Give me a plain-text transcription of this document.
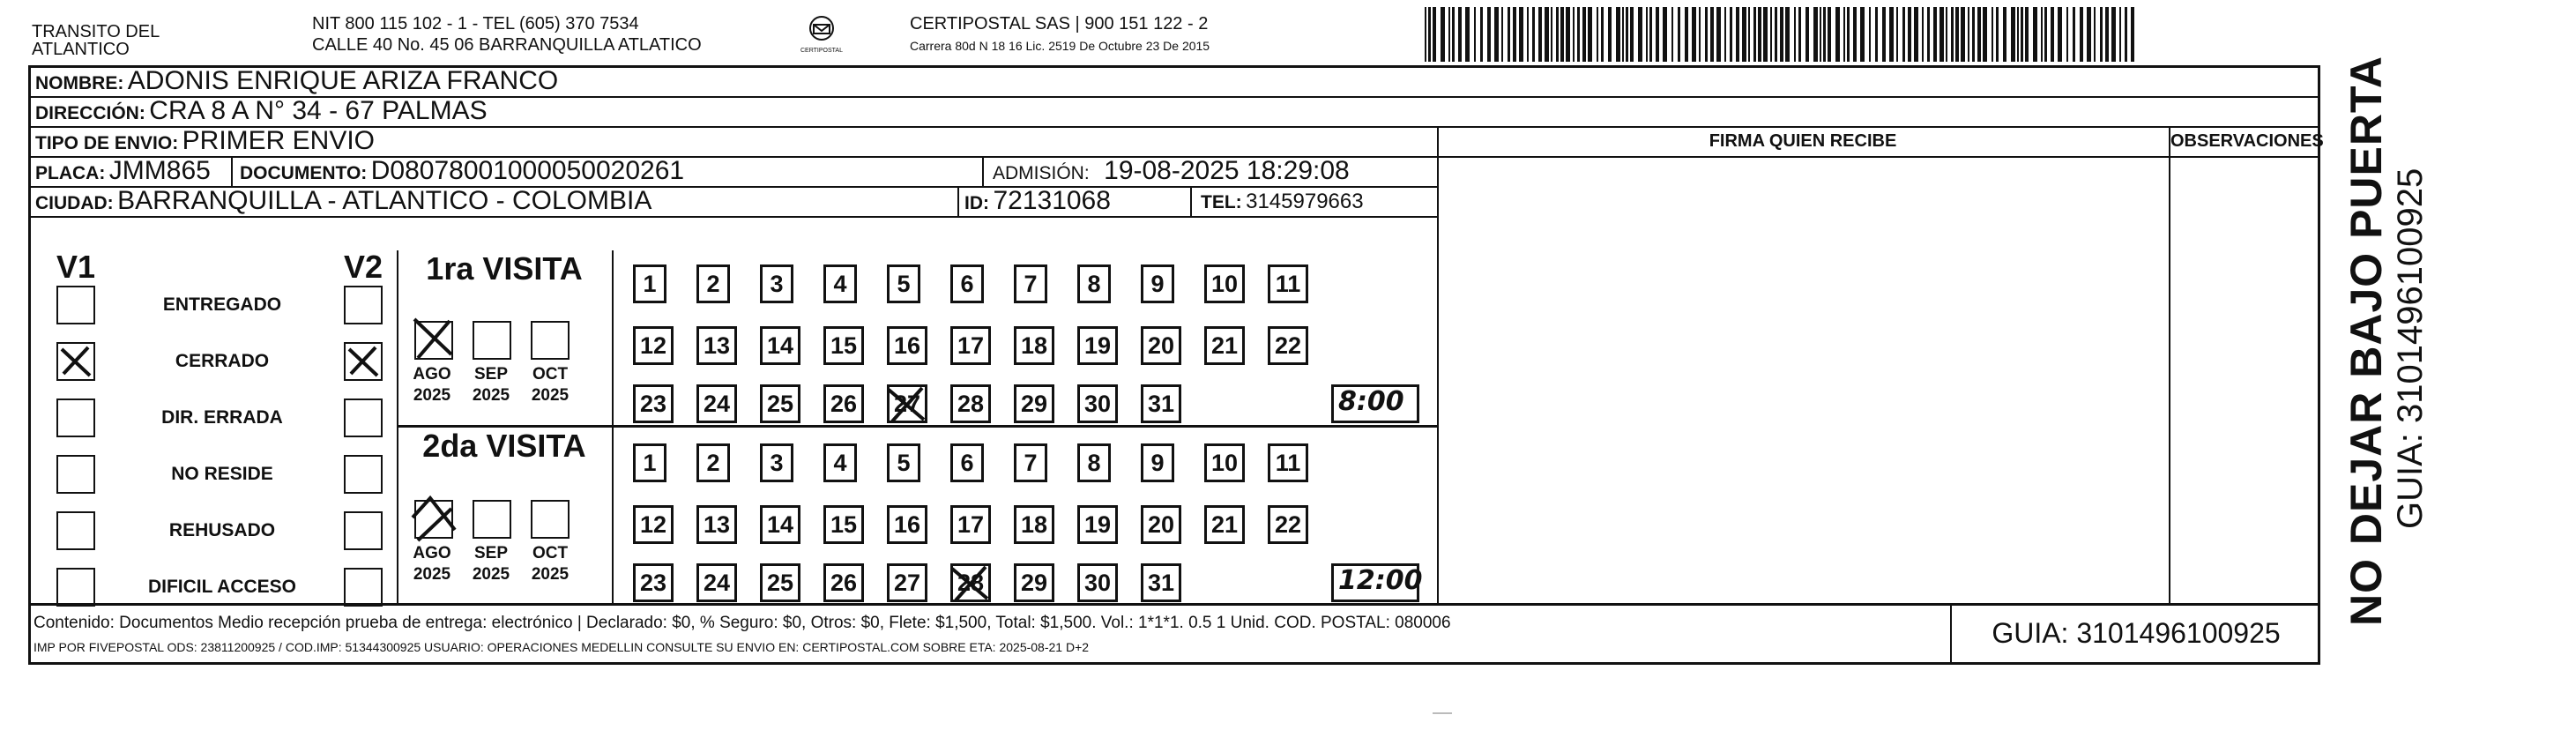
TRANSITO DEL ATLANTICO
NIT 800 115 102 - 1 - TEL (605) 370 7534
CALLE 40 No. 45 06 BARRANQUILLA ATLATICO	CERTIPOSTAL
CERTIPOSTAL SAS | 900 151 122 - 2
Carrera 80d N 18 16 Lic. 2519 De Octubre 23 De 2015
NOMBRE: ADONIS ENRIQUE ARIZA FRANCO
DIRECCIÓN: CRA 8 A N° 34 - 67 PALMAS
TIPO DE ENVIO: PRIMER ENVIO
PLACA: JMM865 DOCUMENTO: D080780010000500202​61	ADMISIÓN: 19-08-2025 18:29:08
CIUDAD: BARRANQUILLA - ATLANTICO - COLOMBIA	ID: 72131068	TEL: 3145979663
FIRMA QUIEN RECIBE	OBSERVACIONES
V1	V2
ENTREGADO
CERRADO
DIR. ERRADA
NO RESIDE
REHUSADO
DIFICIL ACCESO
1ra VISITA
AGO	SEP	OCT
2025	2025	2025
1	2	3	4	5	6	7	8	9	10	11
12 13 14 15 16 17 18 19 20 21 22
23 24 25 26 27 28 29 30 31	8:00
2da VISITA
AGO	SEP	OCT
2025	2025	2025
1	2	3	4	5	6	7	8	9	10	11
12 13 14 15 16 17 18 19 20 21 22
23 24 25 26 27 28 29 30 31	12:00
Contenido: Documentos Medio recepción prueba de entrega: electrónico | Declarado: $0, % Seguro: $0, Otros: $0, Flete: $1,500, Total: $1,500. Vol.: 1*1*1. 0.5 1 Unid. COD. POSTAL: 080006
IMP POR FIVEPOSTAL ODS: 23811200925 / COD.IMP: 51344300925 USUARIO: OPERACIONES MEDELLIN CONSULTE SU ENVIO EN: CERTIPOSTAL.COM SOBRE ETA: 2025-08-21 D+2	GUIA: 3101496100925
NO DEJAR BAJO PUERTA GUIA: 3101496100925
